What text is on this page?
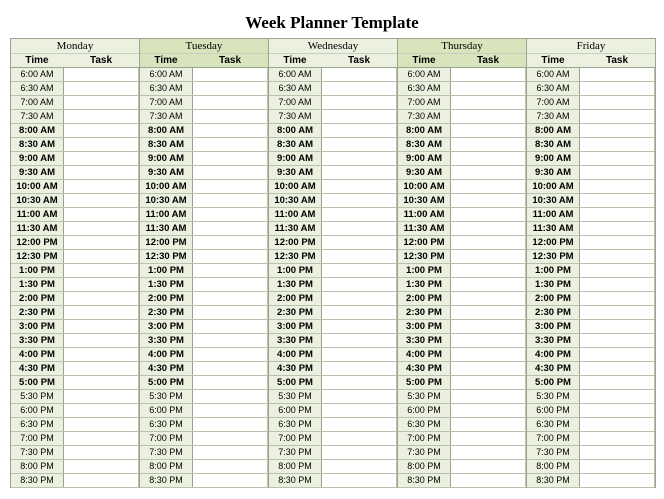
Week Planner Template
Monday
Time	Task
6:00 AM
6:30 AM
7:00 AM
7:30 AM
8:00 AM
8:30 AM
9:00 AM
9:30 AM
10:00 AM
10:30 AM
11:00 AM
11:30 AM
12:00 PM
12:30 PM
1:00 PM
1:30 PM
2:00 PM
2:30 PM
3:00 PM
3:30 PM
4:00 PM
4:30 PM
5:00 PM
5:30 PM
6:00 PM
6:30 PM
7:00 PM
7:30 PM
8:00 PM
8:30 PM
Tuesday
Time	Task
6:00 AM
6:30 AM
7:00 AM
7:30 AM
8:00 AM
8:30 AM
9:00 AM
9:30 AM
10:00 AM
10:30 AM
11:00 AM
11:30 AM
12:00 PM
12:30 PM
1:00 PM
1:30 PM
2:00 PM
2:30 PM
3:00 PM
3:30 PM
4:00 PM
4:30 PM
5:00 PM
5:30 PM
6:00 PM
6:30 PM
7:00 PM
7:30 PM
8:00 PM
8:30 PM
Wednesday
Time	Task
6:00 AM
6:30 AM
7:00 AM
7:30 AM
8:00 AM
8:30 AM
9:00 AM
9:30 AM
10:00 AM
10:30 AM
11:00 AM
11:30 AM
12:00 PM
12:30 PM
1:00 PM
1:30 PM
2:00 PM
2:30 PM
3:00 PM
3:30 PM
4:00 PM
4:30 PM
5:00 PM
5:30 PM
6:00 PM
6:30 PM
7:00 PM
7:30 PM
8:00 PM
8:30 PM
Thursday
Time	Task
6:00 AM
6:30 AM
7:00 AM
7:30 AM
8:00 AM
8:30 AM
9:00 AM
9:30 AM
10:00 AM
10:30 AM
11:00 AM
11:30 AM
12:00 PM
12:30 PM
1:00 PM
1:30 PM
2:00 PM
2:30 PM
3:00 PM
3:30 PM
4:00 PM
4:30 PM
5:00 PM
5:30 PM
6:00 PM
6:30 PM
7:00 PM
7:30 PM
8:00 PM
8:30 PM
Friday
Time	Task
6:00 AM
6:30 AM
7:00 AM
7:30 AM
8:00 AM
8:30 AM
9:00 AM
9:30 AM
10:00 AM
10:30 AM
11:00 AM
11:30 AM
12:00 PM
12:30 PM
1:00 PM
1:30 PM
2:00 PM
2:30 PM
3:00 PM
3:30 PM
4:00 PM
4:30 PM
5:00 PM
5:30 PM
6:00 PM
6:30 PM
7:00 PM
7:30 PM
8:00 PM
8:30 PM
